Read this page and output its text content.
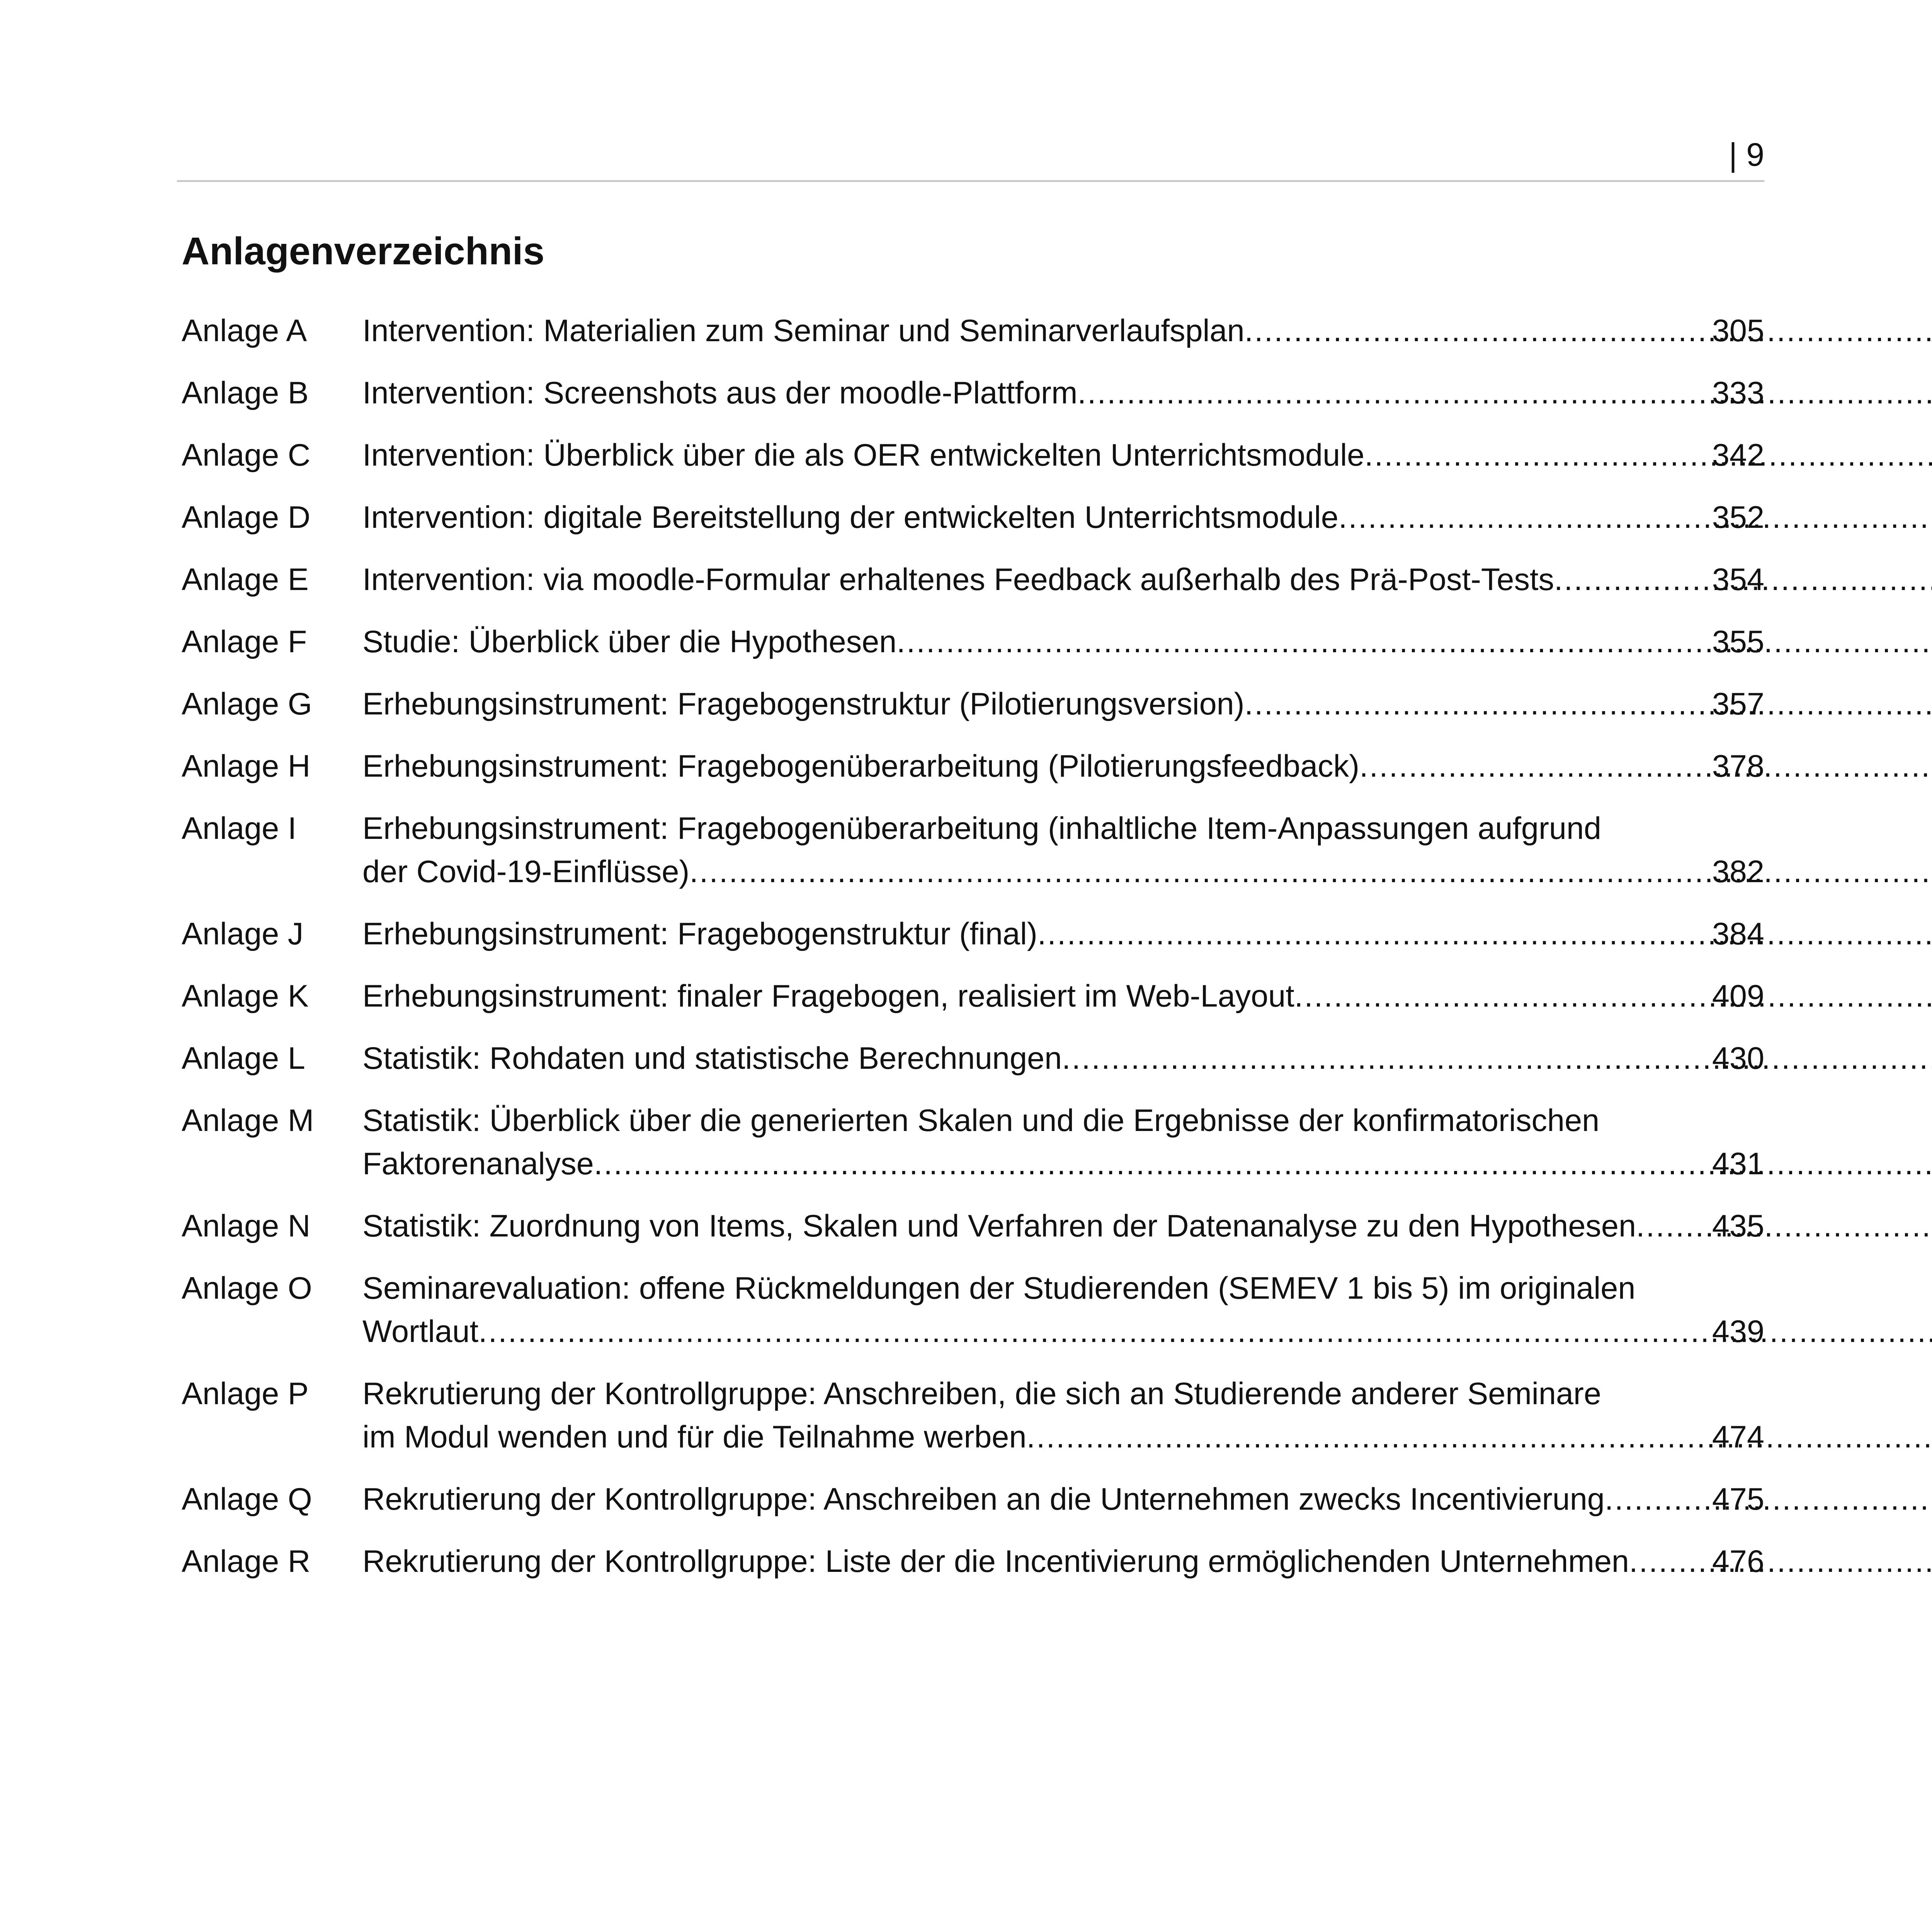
| 9
Anlagenverzeichnis
Anlage A	Intervention: Materialien zum Seminar und Seminarverlaufsplan .....	305
Anlage B	Intervention: Screenshots aus der moodle-Plattform .....	333
Anlage C	Intervention: Überblick über die als OER entwickelten Unterrichtsmodule .....	342
Anlage D	Intervention: digitale Bereitstellung der entwickelten Unterrichtsmodule .....	352
Anlage E	Intervention: via moodle-Formular erhaltenes Feedback außerhalb des Prä-Post-Tests .....	354
Anlage F	Studie: Überblick über die Hypothesen .....	355
Anlage G	Erhebungsinstrument: Fragebogenstruktur (Pilotierungsversion) .....	357
Anlage H	Erhebungsinstrument: Fragebogenüberarbeitung (Pilotierungsfeedback) .....	378
Anlage I	Erhebungsinstrument: Fragebogenüberarbeitung (inhaltliche Item-Anpassungen aufgrund
der Covid-19-Einflüsse) .....	382
Anlage J	Erhebungsinstrument: Fragebogenstruktur (final) .....	384
Anlage K	Erhebungsinstrument: finaler Fragebogen, realisiert im Web-Layout .....	409
Anlage L	Statistik: Rohdaten und statistische Berechnungen .....	430
Anlage M	Statistik: Überblick über die generierten Skalen und die Ergebnisse der konfirmatorischen
Faktorenanalyse .....	431
Anlage N	Statistik: Zuordnung von Items, Skalen und Verfahren der Datenanalyse zu den Hypothesen ..... 435
Anlage O	Seminarevaluation: offene Rückmeldungen der Studierenden (SEMEV 1 bis 5) im originalen
Wortlaut .....	439
Anlage P	Rekrutierung der Kontrollgruppe: Anschreiben, die sich an Studierende anderer Seminare
im Modul wenden und für die Teilnahme werben .....	474
Anlage Q	Rekrutierung der Kontrollgruppe: Anschreiben an die Unternehmen zwecks Incentivierung .....	475
Anlage R	Rekrutierung der Kontrollgruppe: Liste der die Incentivierung ermöglichenden Unternehmen .....	476
